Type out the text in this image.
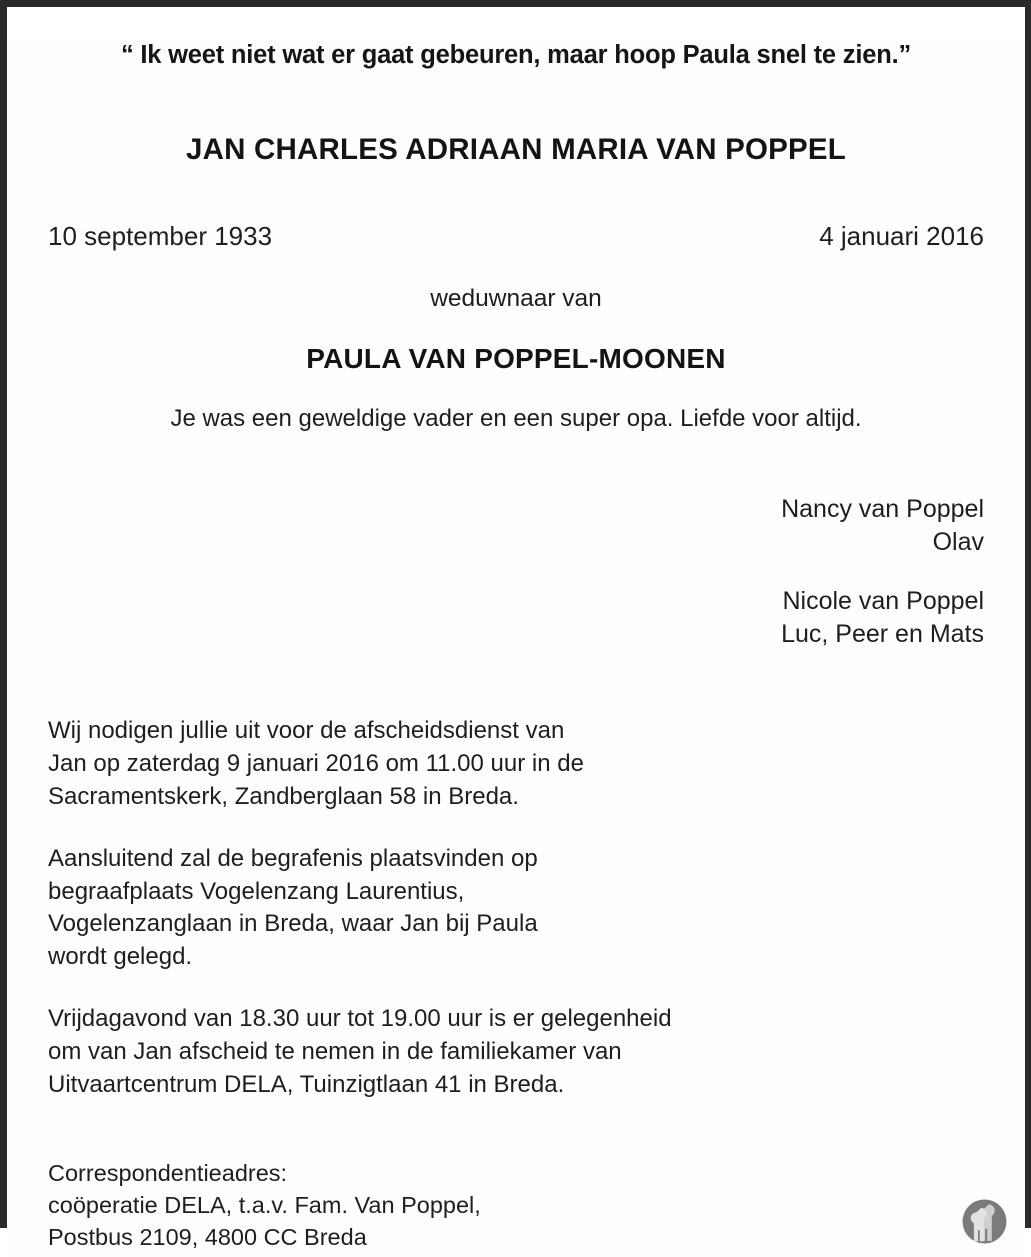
“ Ik weet niet wat er gaat gebeuren, maar hoop Paula snel te zien.”
JAN CHARLES ADRIAAN MARIA VAN POPPEL
10 september 1933	4 januari 2016
weduwnaar van
PAULA VAN POPPEL-MOONEN
Je was een geweldige vader en een super opa. Liefde voor altijd.
Nancy van Poppel
Olav
Nicole van Poppel
Luc, Peer en Mats
Wij nodigen jullie uit voor de afscheidsdienst van
Jan op zaterdag 9 januari 2016 om 11.00 uur in de
Sacramentskerk, Zandberglaan 58 in Breda.
Aansluitend zal de begrafenis plaatsvinden op
begraafplaats Vogelenzang Laurentius,
Vogelenzanglaan in Breda, waar Jan bij Paula
wordt gelegd.
Vrijdagavond van 18.30 uur tot 19.00 uur is er gelegenheid
om van Jan afscheid te nemen in de familiekamer van
Uitvaartcentrum DELA, Tuinzigtlaan 41 in Breda.
Correspondentieadres:
coöperatie DELA, t.a.v. Fam. Van Poppel,
Postbus 2109, 4800 CC Breda
